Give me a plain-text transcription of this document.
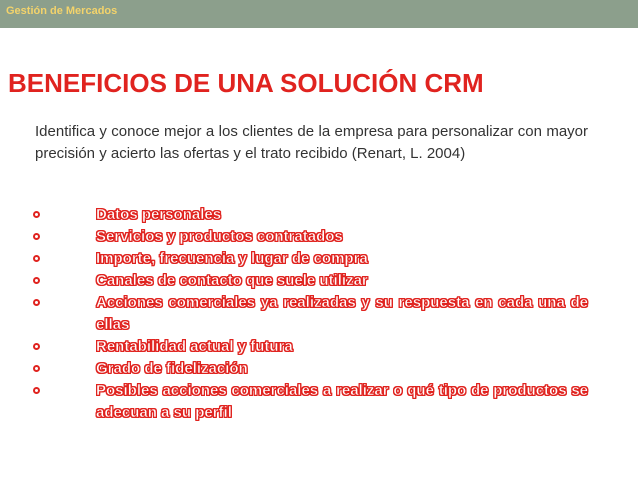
Gestión de Mercados
BENEFICIOS DE UNA SOLUCIÓN CRM
Identifica y conoce mejor a los clientes de la empresa para personalizar con mayor precisión y acierto las ofertas y el trato recibido (Renart, L. 2004)
Datos personales
Servicios y productos contratados
Importe, frecuencia y lugar de compra
Canales de contacto que suele utilizar
Acciones comerciales ya realizadas y su respuesta en cada una de ellas
Rentabilidad actual y futura
Grado de fidelización
Posibles acciones comerciales a realizar o qué tipo de productos se adecuan a su perfil
